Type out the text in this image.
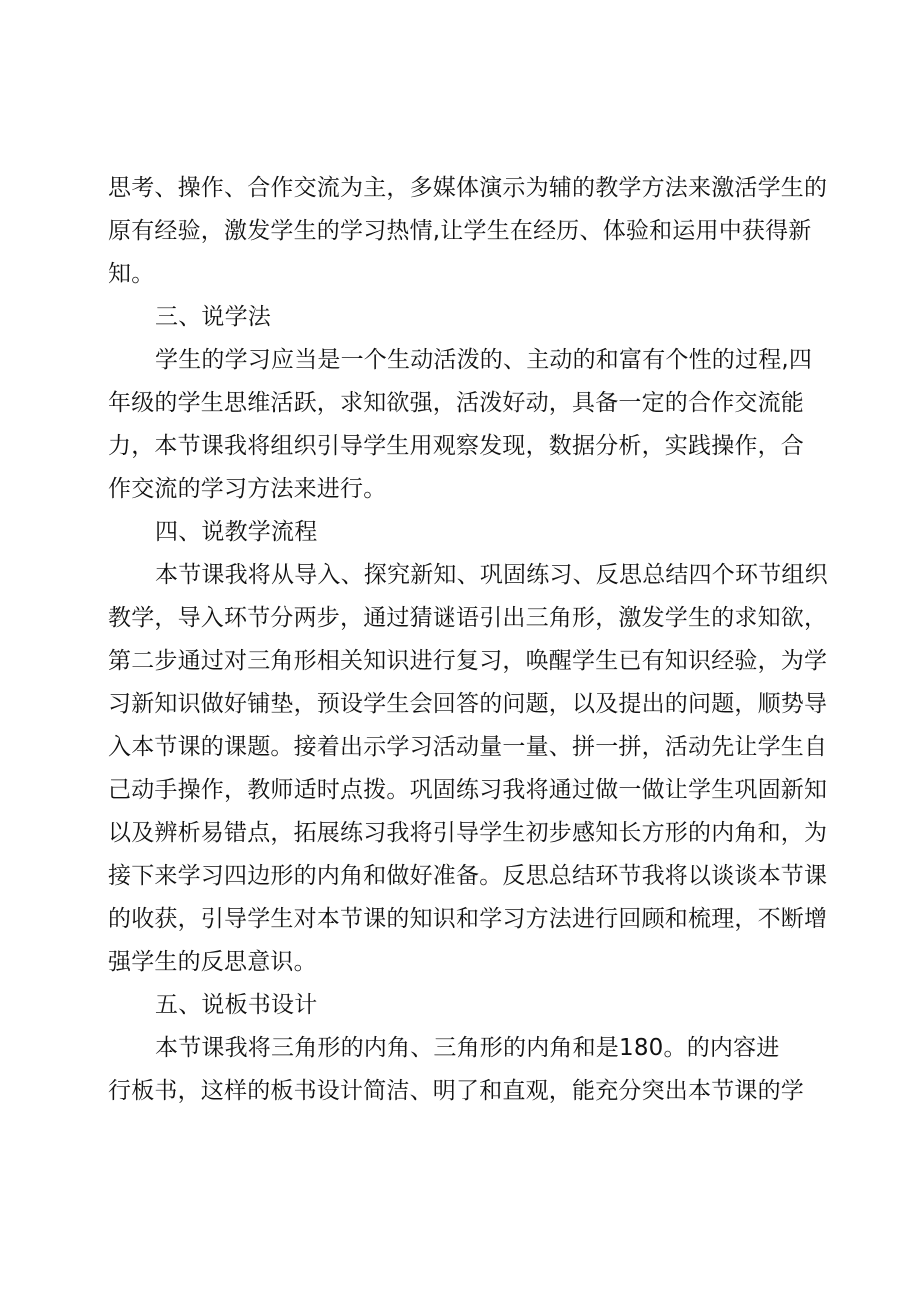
思考、操作、合作交流为主，多媒体演示为辅的教学方法来激活学生的
原有经验，激发学生的学习热情,让学生在经历、体验和运用中获得新
知。
三、说学法
学生的学习应当是一个生动活泼的、主动的和富有个性的过程,四
年级的学生思维活跃，求知欲强，活泼好动，具备一定的合作交流能
力，本节课我将组织引导学生用观察发现，数据分析，实践操作，合
作交流的学习方法来进行。
四、说教学流程
本节课我将从导入、探究新知、巩固练习、反思总结四个环节组织
教学，导入环节分两步，通过猜谜语引出三角形，激发学生的求知欲，
第二步通过对三角形相关知识进行复习，唤醒学生已有知识经验，为学
习新知识做好铺垫，预设学生会回答的问题，以及提出的问题，顺势导
入本节课的课题。接着出示学习活动量一量、拼一拼，活动先让学生自
己动手操作，教师适时点拨。巩固练习我将通过做一做让学生巩固新知
以及辨析易错点，拓展练习我将引导学生初步感知长方形的内角和，为
接下来学习四边形的内角和做好准备。反思总结环节我将以谈谈本节课
的收获，引导学生对本节课的知识和学习方法进行回顾和梳理，不断增
强学生的反思意识。
五、说板书设计
本节课我将三角形的内角、三角形的内角和是180。的内容进
行板书，这样的板书设计简洁、明了和直观，能充分突出本节课的学
